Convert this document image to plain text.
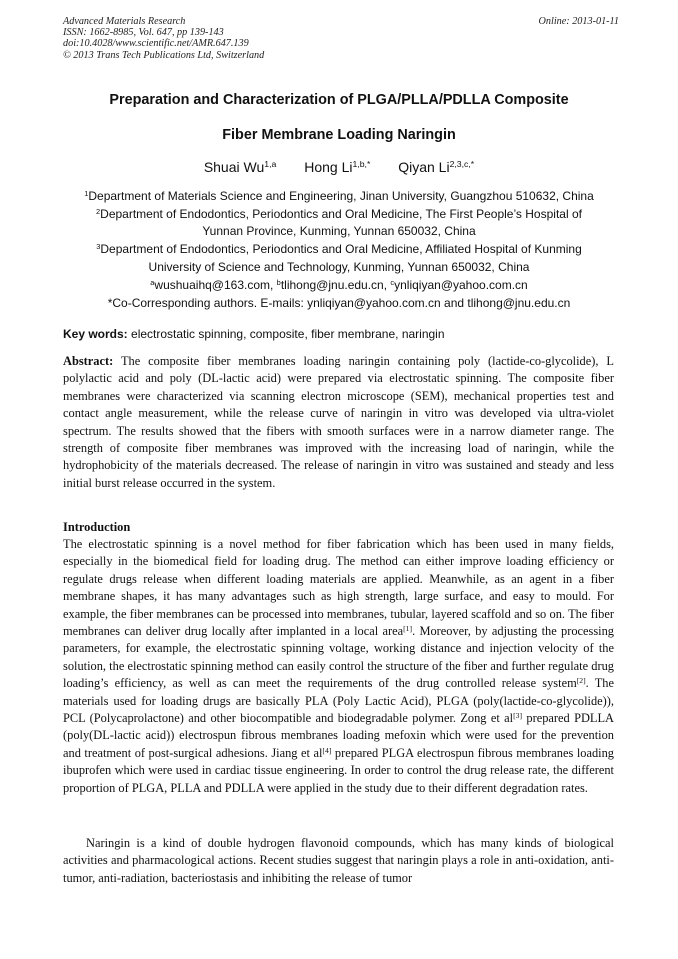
Advanced Materials Research
ISSN: 1662-8985, Vol. 647, pp 139-143
doi:10.4028/www.scientific.net/AMR.647.139
© 2013 Trans Tech Publications Ltd, Switzerland
Online: 2013-01-11
Preparation and Characterization of PLGA/PLLA/PDLLA Composite
Fiber Membrane Loading Naringin
Shuai Wu$^{1,a}$ Hong $Li^{1,b,*}$ Qiyan $Li^{2,3,c,*}$
$^1$Department of Materials Science and Engineering, Jinan University, Guangzhou 510632, China
$^2$Department of Endodontics, Periodontics and Oral Medicine, The First People’s Hospital of
Yunnan Province, Kunming, Yunnan 650032, China
$^3$Department of Endodontics, Periodontics and Oral Medicine, Affiliated Hospital of Kunming
University of Science and Technology, Kunming, Yunnan 650032, China
$^a$wushuaihq@163.com, $^b$tlihong@jnu.edu.cn, $^c$ynliqiyan@yahoo.com.cn
*Co-Corresponding authors. E-mails: ynliqiyan@yahoo.com.cn and tlihong@jnu.edu.cn
Key words: electrostatic spinning, composite, fiber membrane, naringin
Abstract: The composite fiber membranes loading naringin containing poly (lactide-co-glycolide), L polylactic acid and poly (DL-lactic acid) were prepared via electrostatic spinning. The composite fiber membranes were characterized via scanning electron microscope (SEM), mechanical properties test and contact angle measurement, while the release curve of naringin in vitro was developed via ultra-violet spectrum. The results showed that the fibers with smooth surfaces were in a narrow diameter range. The strength of composite fiber membranes was improved with the increasing load of naringin, while the hydrophobicity of the materials decreased. The release of naringin in vitro was sustained and steady and less initial burst release occurred in the system.
Introduction
The electrostatic spinning is a novel method for fiber fabrication which has been used in many fields, especially in the biomedical field for loading drug. The method can either improve loading efficiency or regulate drugs release when different loading materials are applied. Meanwhile, as an agent in a fiber membrane shapes, it has many advantages such as high strength, large surface, and easy to mould. For example, the fiber membranes can be processed into membranes, tubular, layered scaffold and so on. The fiber membranes can deliver drug locally after implanted in a local area[1]. Moreover, by adjusting the processing parameters, for example, the electrostatic spinning voltage, working distance and injection velocity of the solution, the electrostatic spinning method can easily control the structure of the fiber and further regulate drug loading’s efficiency, as well as can meet the requirements of the drug controlled release system[2]. The materials used for loading drugs are basically PLA (Poly Lactic Acid), PLGA (poly(lactide-co-glycolide)), PCL (Polycaprolactone) and other biocompatible and biodegradable polymer. Zong et al[3] prepared PDLLA (poly(DL-lactic acid)) electrospun fibrous membranes loading mefoxin which were used for the prevention and treatment of post-surgical adhesions. Jiang et al[4] prepared PLGA electrospun fibrous membranes loading ibuprofen which were used in cardiac tissue engineering. In order to control the drug release rate, the different proportion of PLGA, PLLA and PDLLA were applied in the study due to their different degradation rates.
Naringin is a kind of double hydrogen flavonoid compounds, which has many kinds of biological activities and pharmacological actions. Recent studies suggest that naringin plays a role in anti-oxidation, anti-tumor, anti-radiation, bacteriostasis and inhibiting the release of tumor
